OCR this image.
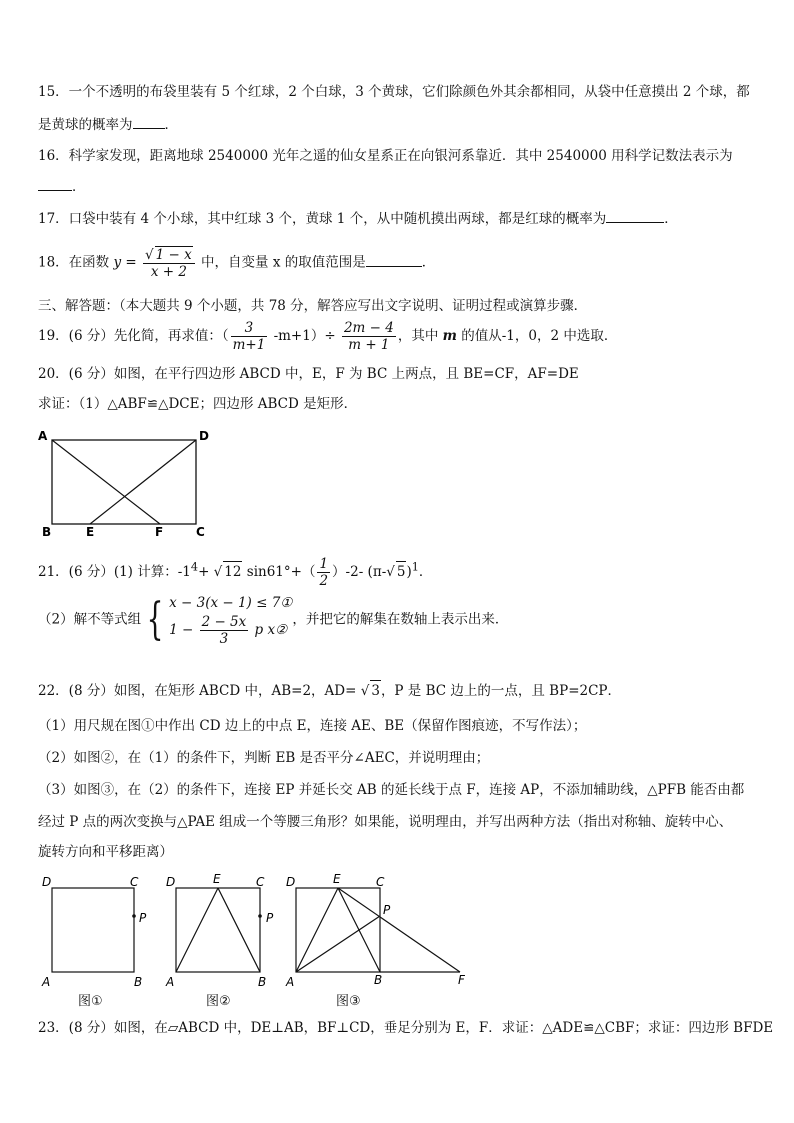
15．一个不透明的布袋里装有 5 个红球，2 个白球，3 个黄球，它们除颜色外其余都相同，从袋中任意摸出 2 个球，都
是黄球的概率为 ．
16．科学家发现，距离地球 2540000 光年之遥的仙女星系正在向银河系靠近．其中 2540000 用科学记数法表示为
．
17．口袋中装有 4 个小球，其中红球 3 个，黄球 1 个，从中随机摸出两球，都是红球的概率为	．
18．在函数 $y = \frac{√ 1 - x}{x + 2}$ 中，自变量 x 的取值范围是	．
三、解答题：（本大题共 9 个小题，共 78 分，解答应写出文字说明、证明过程或演算步骤．
19．(6 分）先化简，再求值：（ $\frac{3}{m+1} -m+1)\div \frac{2m - 4}{m + 1}$ ，其中 m 的值从-1，0，2 中选取．
20．(6 分）如图，在平行四边形 ABCD 中，E，F 为 BC 上两点，且 BE=CF，AF=DE
求证：（1）△ABF≌△DCE；四边形 ABCD 是矩形．
A	D
B	E	F	C
21．(6 分）(1) 计算：$-1^4+$ √ 12 $\sin 61^\circ+( \frac{1}{2} )-2-$ (π-√ 5)$^1$．
（2）解不等式组 { x − 3(x − 1) ≤ 7①
$1 - \frac{2 - 5x}{3}$ p x②
，并把它的解集在数轴上表示出来．
22．(8 分）如图，在矩形 ABCD 中，AB=2，AD= √ 3，P 是 BC 边上的一点，且 BP=2CP．
（1）用尺规在图①中作出 CD 边上的中点 E，连接 AE、BE（保留作图痕迹，不写作法）；
（2）如图②，在（1）的条件下，判断 EB 是否平分∠AEC，并说明理由；
（3）如图③，在（2）的条件下，连接 EP 并延长交 AB 的延长线于点 F，连接 AP，不添加辅助线，△PFB 能否由都
经过 P 点的两次变换与△PAE 组成一个等腰三角形？如果能，说明理由，并写出两种方法（指出对称轴、旋转中心、
旋转方向和平移距离）
D	C
P
A	B
图①
D	E	C
P
A	B
图②
D	E	C
P
A	B	F
图③
23．(8 分）如图，在▱ABCD 中，DE⊥AB，BF⊥CD，垂足分别为 E，F．求证：△ADE≌△CBF；求证：四边形 BFDE
